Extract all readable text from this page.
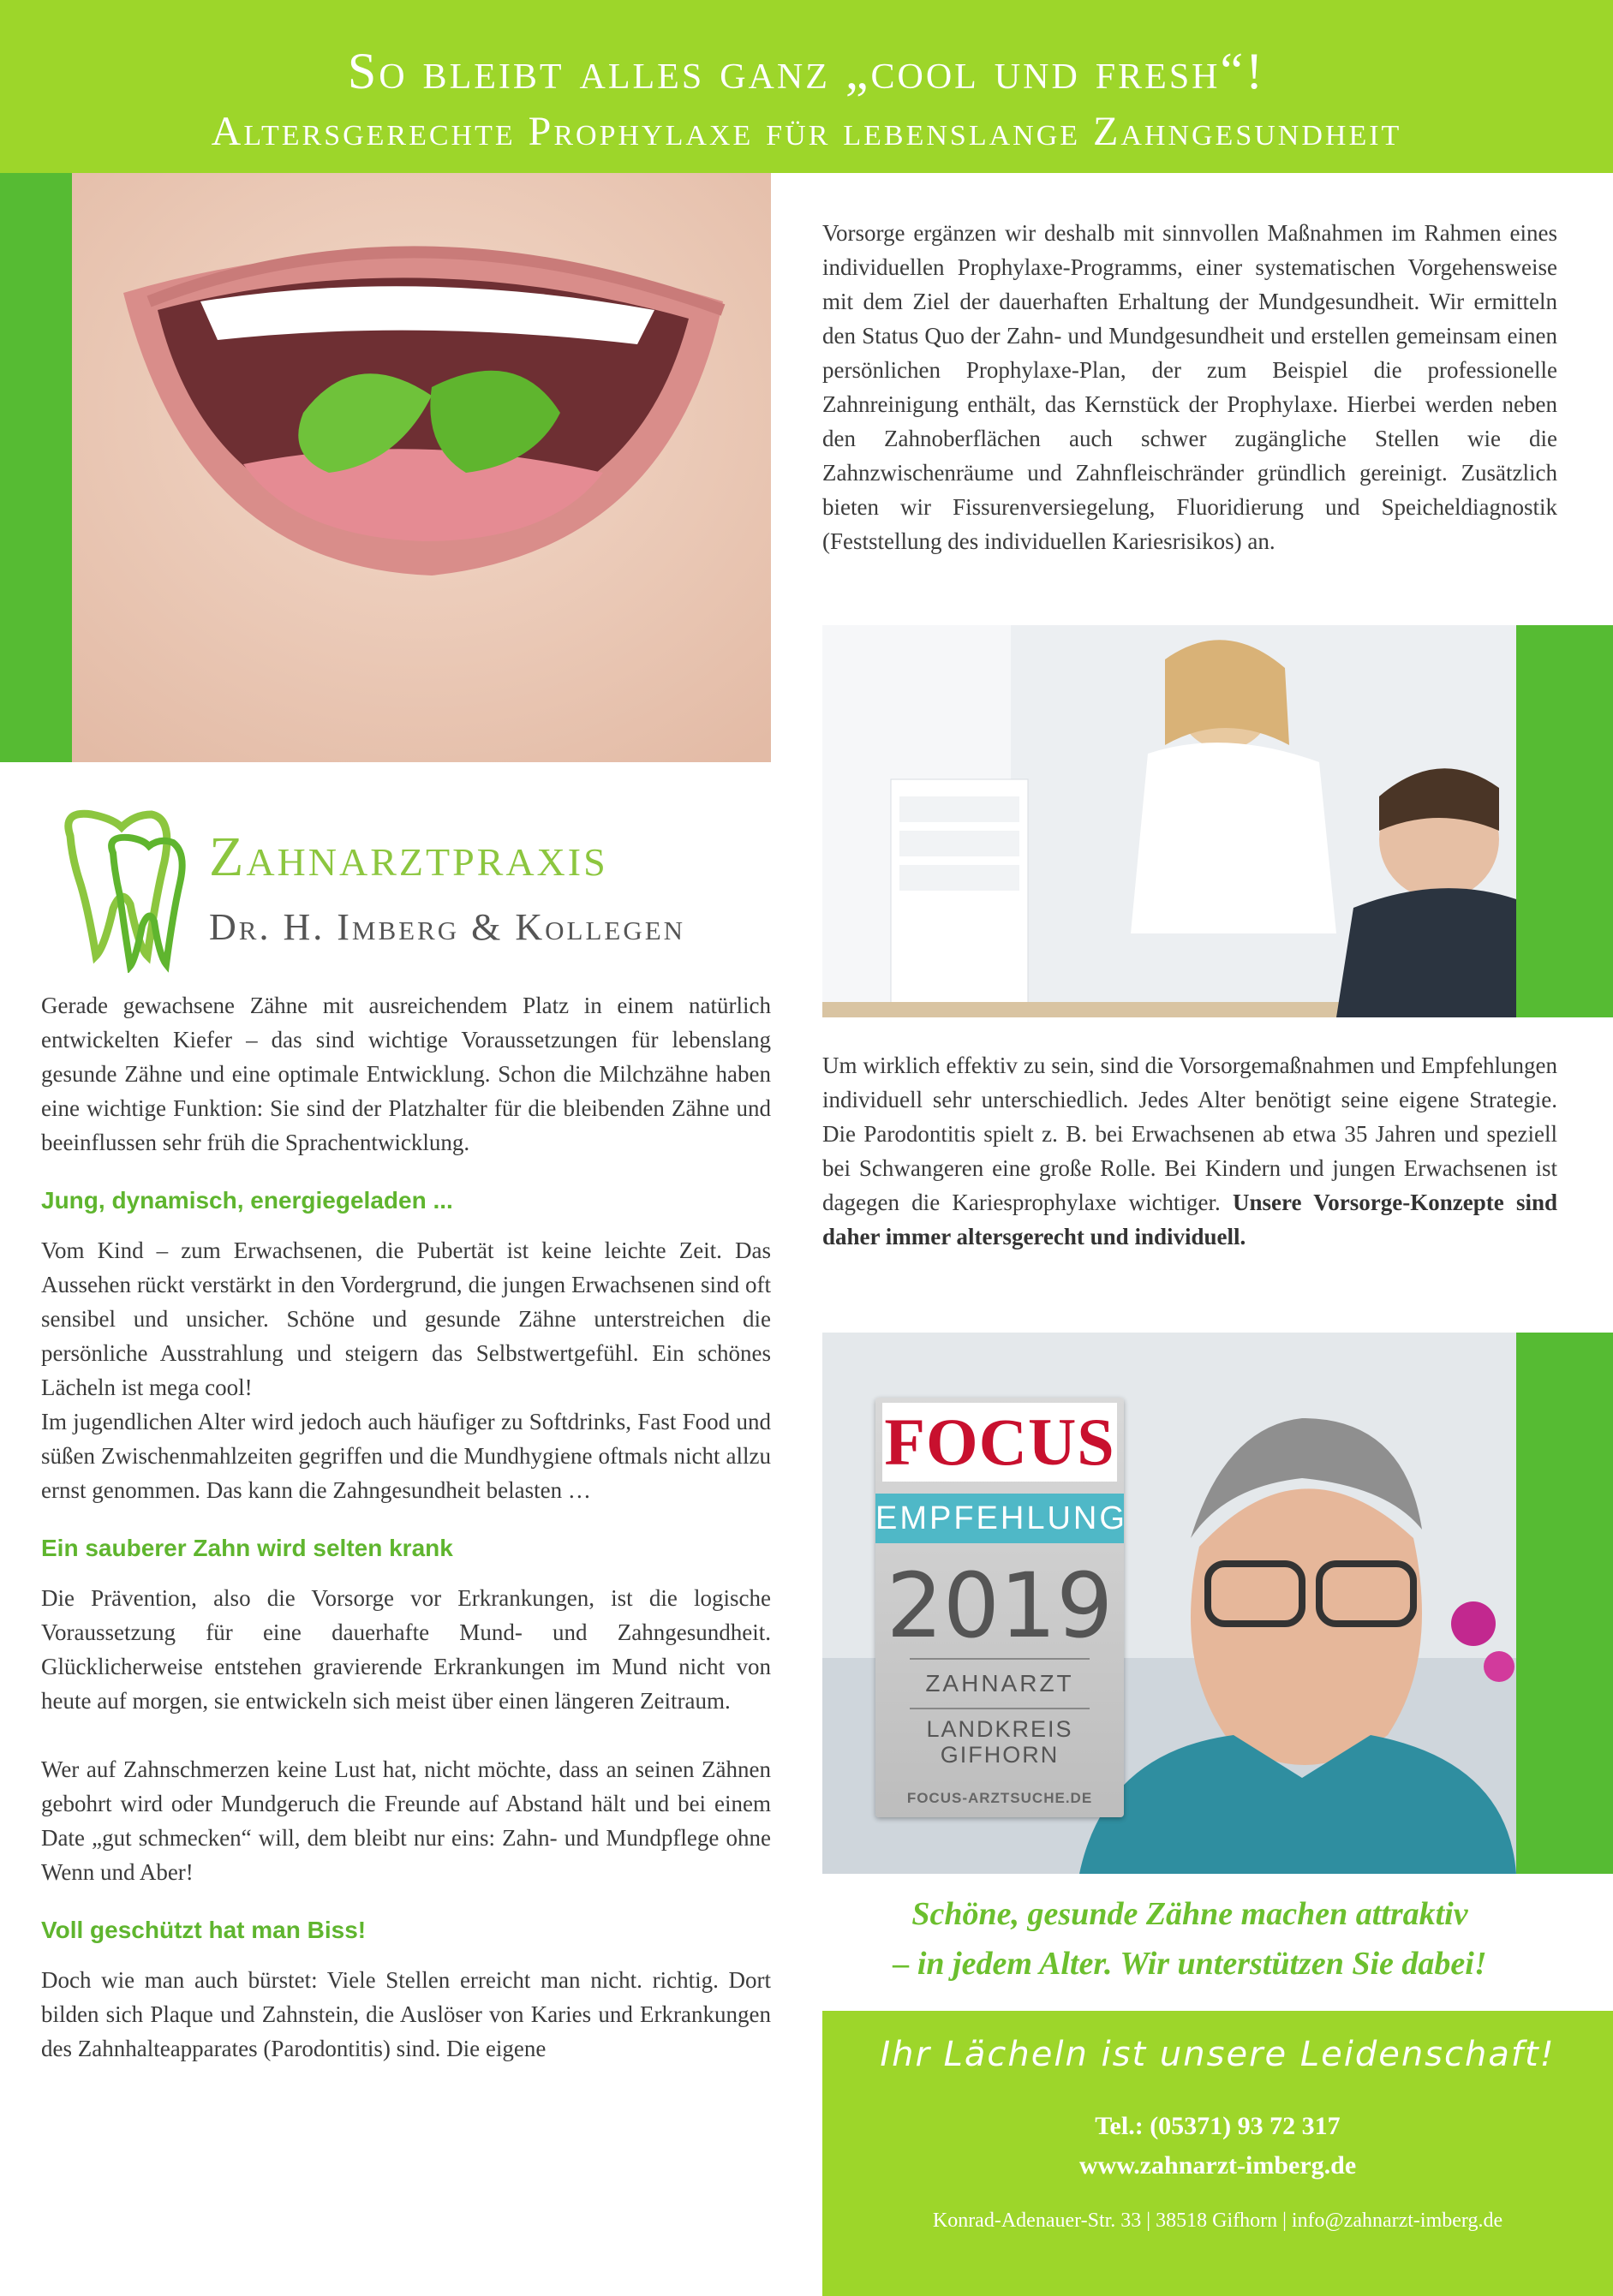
So bleibt alles ganz „cool und fresh“!
Altersgerechte Prophylaxe für lebenslange Zahngesundheit
Zahnarztpraxis
Dr. H. Imberg & Kollegen

Gerade gewachsene Zähne mit ausreichendem Platz in einem natürlich entwickelten Kiefer – das sind wichtige Voraussetzungen für lebenslang gesunde Zähne und eine optimale Entwicklung. Schon die Milchzähne haben eine wichtige Funktion: Sie sind der Platzhalter für die bleibenden Zähne und beeinflussen sehr früh die Sprachentwicklung.

Jung, dynamisch, energiegeladen ...

Vom Kind – zum Erwachsenen, die Pubertät ist keine leichte Zeit. Das Aussehen rückt verstärkt in den Vordergrund, die jungen Erwachsenen sind oft sensibel und unsicher. Schöne und gesunde Zähne unterstreichen die persönliche Ausstrahlung und steigern das Selbstwertgefühl. Ein schönes Lächeln ist mega cool!

Im jugendlichen Alter wird jedoch auch häufiger zu Softdrinks, Fast Food und süßen Zwischenmahlzeiten gegriffen und die Mundhygiene oftmals nicht allzu ernst genommen. Das kann die Zahngesundheit belasten …

Ein sauberer Zahn wird selten krank

Die Prävention, also die Vorsorge vor Erkrankungen, ist die logische Voraussetzung für eine dauerhafte Mund- und Zahngesundheit. Glücklicherweise entstehen gravierende Erkrankungen im Mund nicht von heute auf morgen, sie entwickeln sich meist über einen längeren Zeitraum.

Wer auf Zahnschmerzen keine Lust hat, nicht möchte, dass an seinen Zähnen gebohrt wird oder Mundgeruch die Freunde auf Abstand hält und bei einem Date „gut schmecken“ will, dem bleibt nur eins: Zahn- und Mundpflege ohne Wenn und Aber!

Voll geschützt hat man Biss!

Doch wie man auch bürstet: Viele Stellen erreicht man nicht. richtig. Dort bilden sich Plaque und Zahnstein, die Auslöser von Karies und Erkrankungen des Zahnhalteapparates (Parodontitis) sind. Die eigene

Vorsorge ergänzen wir deshalb mit sinnvollen Maßnahmen im Rahmen eines individuellen Prophylaxe-Programms, einer systematischen Vorgehensweise mit dem Ziel der dauerhaften Erhaltung der Mundgesundheit. Wir ermitteln den Status Quo der Zahn- und Mundgesundheit und erstellen gemeinsam einen persönlichen Prophylaxe-Plan, der zum Beispiel die professionelle Zahnreinigung enthält, das Kernstück der Prophylaxe. Hierbei werden neben den Zahnoberflächen auch schwer zugängliche Stellen wie die Zahnzwischenräume und Zahnfleischränder gründlich gereinigt. Zusätzlich bieten wir Fissurenversiegelung, Fluoridierung und Speicheldiagnostik (Feststellung des individuellen Kariesrisikos) an.

Um wirklich effektiv zu sein, sind die Vorsorgemaßnahmen und Empfehlungen individuell sehr unterschiedlich. Jedes Alter benötigt seine eigene Strategie. Die Parodontitis spielt z. B. bei Erwachsenen ab etwa 35 Jahren und speziell bei Schwangeren eine große Rolle. Bei Kindern und jungen Erwachsenen ist dagegen die Kariesprophylaxe wichtiger. Unsere Vorsorge-Konzepte sind daher immer altersgerecht und individuell.

FOCUS
EMPFEHLUNG
2019
ZAHNARZT
LANDKREIS
GIFHORN
FOCUS-ARZTSUCHE.DE
Schöne, gesunde Zähne machen attraktiv
– in jedem Alter. Wir unterstützen Sie dabei!
Ihr Lächeln ist unsere Leidenschaft!
Tel.: (05371) 93 72 317
www.zahnarzt-imberg.de
Konrad-Adenauer-Str. 33 | 38518 Gifhorn | info@zahnarzt-imberg.de
